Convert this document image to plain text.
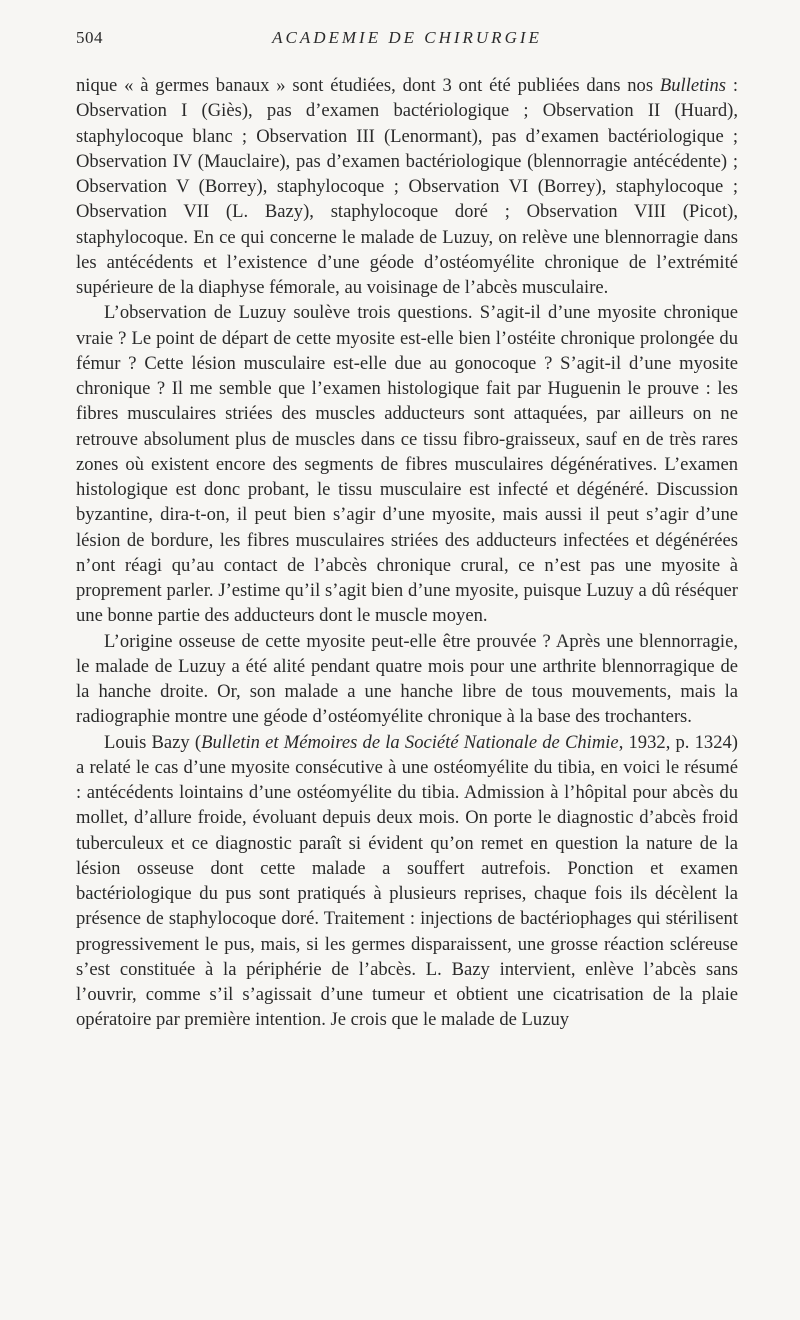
504	ACADEMIE DE CHIRURGIE

nique « à germes banaux » sont étudiées, dont 3 ont été publiées dans nos Bulletins : Observation I (Giès), pas d’examen bactériologique ; Observation II (Huard), staphylocoque blanc ; Observation III (Lenormant), pas d’examen bactériologique ; Observation IV (Mauclaire), pas d’examen bactériologique (blennorragie antécédente) ; Observation V (Borrey), staphylocoque ; Observation VI (Borrey), staphylocoque ; Observation VII (L. Bazy), staphylocoque doré ; Observation VIII (Picot), staphylocoque. En ce qui concerne le malade de Luzuy, on relève une blennorragie dans les antécédents et l’existence d’une géode d’ostéomyélite chronique de l’extrémité supérieure de la diaphyse fémorale, au voisinage de l’abcès musculaire.

L’observation de Luzuy soulève trois questions. S’agit-il d’une myosite chronique vraie ? Le point de départ de cette myosite est-elle bien l’ostéite chronique prolongée du fémur ? Cette lésion musculaire est-elle due au gonocoque ? S’agit-il d’une myosite chronique ? Il me semble que l’examen histologique fait par Huguenin le prouve : les fibres musculaires striées des muscles adducteurs sont attaquées, par ailleurs on ne retrouve absolument plus de muscles dans ce tissu fibro-graisseux, sauf en de très rares zones où existent encore des segments de fibres musculaires dégénératives. L’examen histologique est donc probant, le tissu musculaire est infecté et dégénéré. Discussion byzantine, dira-t-on, il peut bien s’agir d’une myosite, mais aussi il peut s’agir d’une lésion de bordure, les fibres musculaires striées des adducteurs infectées et dégénérées n’ont réagi qu’au contact de l’abcès chronique crural, ce n’est pas une myosite à proprement parler. J’estime qu’il s’agit bien d’une myosite, puisque Luzuy a dû réséquer une bonne partie des adducteurs dont le muscle moyen.

L’origine osseuse de cette myosite peut-elle être prouvée ? Après une blennorragie, le malade de Luzuy a été alité pendant quatre mois pour une arthrite blennorragique de la hanche droite. Or, son malade a une hanche libre de tous mouvements, mais la radiographie montre une géode d’ostéomyélite chronique à la base des trochanters.

Louis Bazy (Bulletin et Mémoires de la Société Nationale de Chimie, 1932, p. 1324) a relaté le cas d’une myosite consécutive à une ostéomyélite du tibia, en voici le résumé : antécédents lointains d’une ostéomyélite du tibia. Admission à l’hôpital pour abcès du mollet, d’allure froide, évoluant depuis deux mois. On porte le diagnostic d’abcès froid tuberculeux et ce diagnostic paraît si évident qu’on remet en question la nature de la lésion osseuse dont cette malade a souffert autrefois. Ponction et examen bactériologique du pus sont pratiqués à plusieurs reprises, chaque fois ils décèlent la présence de staphylocoque doré. Traitement : injections de bactériophages qui stérilisent progressivement le pus, mais, si les germes disparaissent, une grosse réaction scléreuse s’est constituée à la périphérie de l’abcès. L. Bazy intervient, enlève l’abcès sans l’ouvrir, comme s’il s’agissait d’une tumeur et obtient une cicatrisation de la plaie opératoire par première intention. Je crois que le malade de Luzuy
